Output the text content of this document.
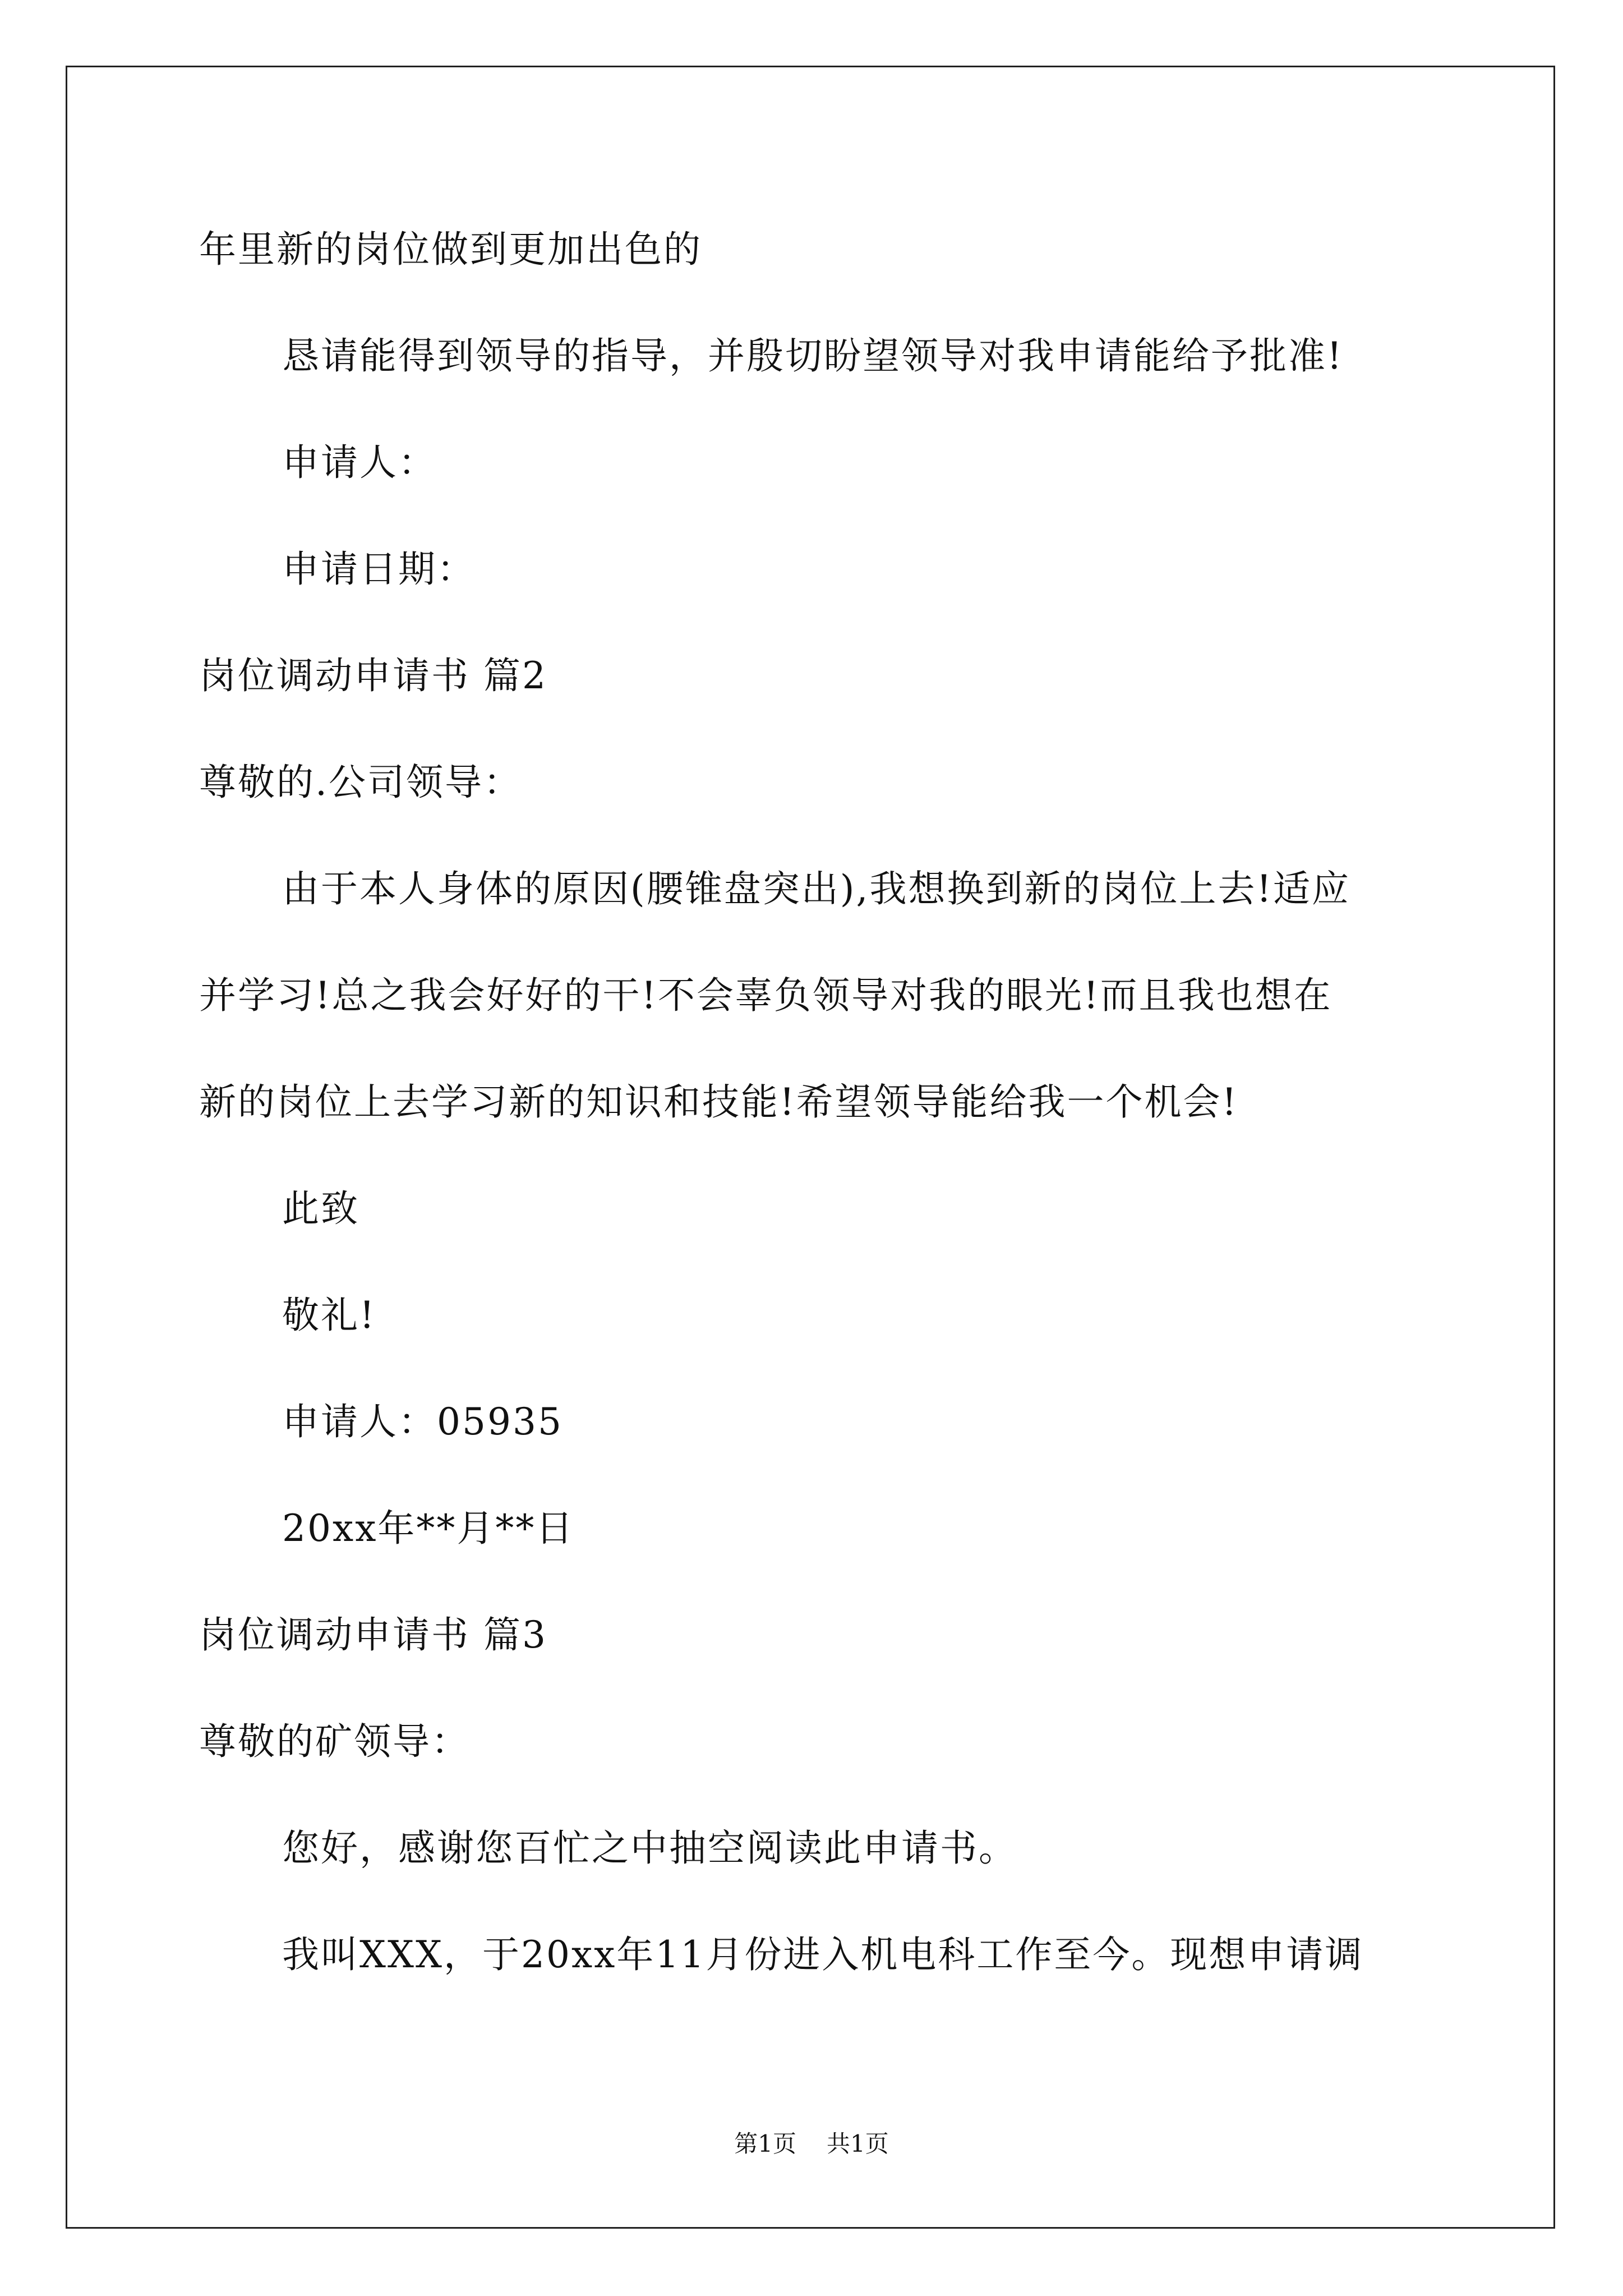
年里新的岗位做到更加出色的
恳请能得到领导的指导，并殷切盼望领导对我申请能给予批准!
申请人：
申请日期：
岗位调动申请书 篇2
尊敬的.公司领导：
由于本人身体的原因(腰锥盘突出),我想换到新的岗位上去!适应
并学习!总之我会好好的干!不会辜负领导对我的眼光!而且我也想在
新的岗位上去学习新的知识和技能!希望领导能给我一个机会!
此致
敬礼!
申请人：05935
20xx年**月**日
岗位调动申请书 篇3
尊敬的矿领导：
您好，感谢您百忙之中抽空阅读此申请书。
我叫XXX，于20xx年11月份进入机电科工作至今。现想申请调
第1页 共1页
